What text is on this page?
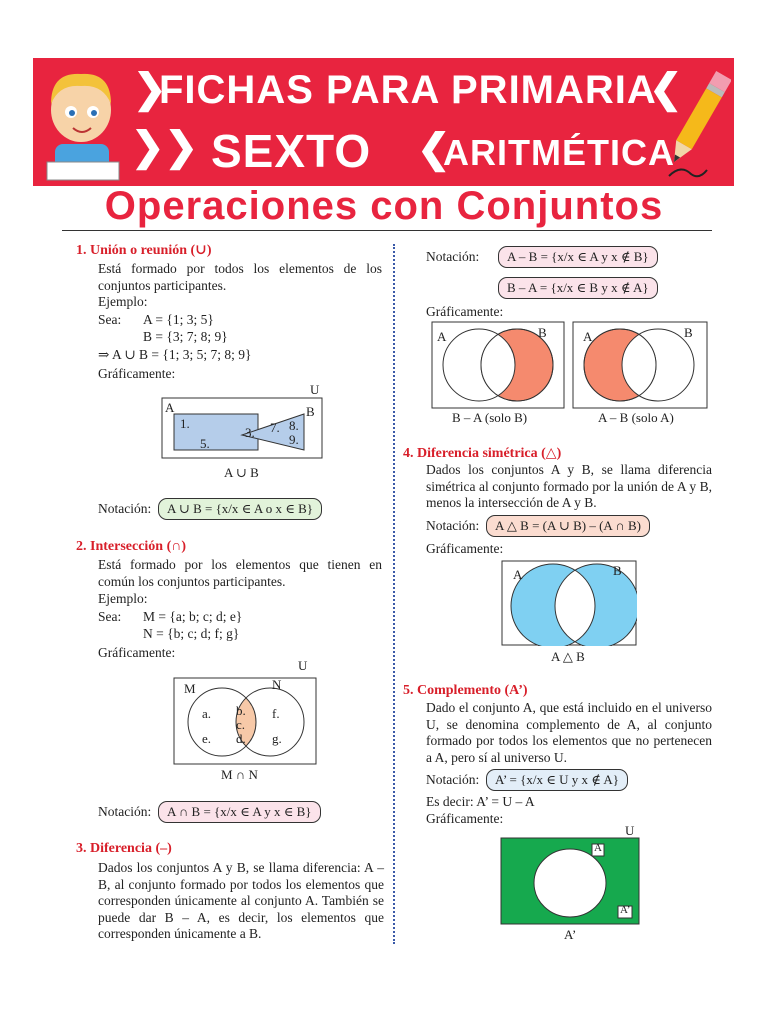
❯
FICHAS PARA PRIMARIA
❮
❯❯ SEXTO ❮
ARITMÉTICA
Operaciones con Conjuntos
1. Unión o reunión (∪)
Está formado por todos los elementos de los conjuntos participantes.
Ejemplo:
Sea: A = {1; 3; 5}
B = {3; 7; 8; 9}
⇒ A ∪ B = {1; 3; 5; 7; 8; 9}
Gráficamente:
U
A	B
1.
5.
3. 7. 8.
9.
A ∪ B
Notación:	A ∪ B = {x/x ∈ A o x ∈ B}
2. Intersección (∩)
Está formado por los elementos que tienen en común los conjuntos participantes.
Ejemplo:
Sea: M = {a; b; c; d; e}
N = {b; c; d; f; g}
Gráficamente:
U
M	N
a.
e.
b.
c.
d.
f.
g.
M ∩ N
Notación:	A ∩ B = {x/x ∈ A y x ∈ B}
3. Diferencia (–)
Dados los conjuntos A y B, se llama diferencia: A – B, al conjunto formado por todos los elementos que corresponden únicamente al conjunto A. También se puede dar B – A, es decir, los elementos que corresponden únicamente a B.
Notación:	A – B = {x/x ∈ A y x ∉ B}
B – A = {x/x ∈ B y x ∉ A}
Gráficamente:
A	B
B – A (solo B)
A	B
A – B (solo A)
4. Diferencia simétrica (△)
Dados los conjuntos A y B, se llama diferencia simétrica al conjunto formado por la unión de A y B, menos la intersección de A y B.
Notación:	A △ B = (A ∪ B) – (A ∩ B)
Gráficamente:
A	B
A △ B
5. Complemento (A’)
Dado el conjunto A, que está incluido en el universo U, se denomina complemento de A, al conjunto formado por todos los elementos que no pertenecen a A, pero sí al universo U.
Notación:	A’ = {x/x ∈ U y x ∉ A}
Es decir: A’ = U – A
Gráficamente:
U
A
A’
A’
